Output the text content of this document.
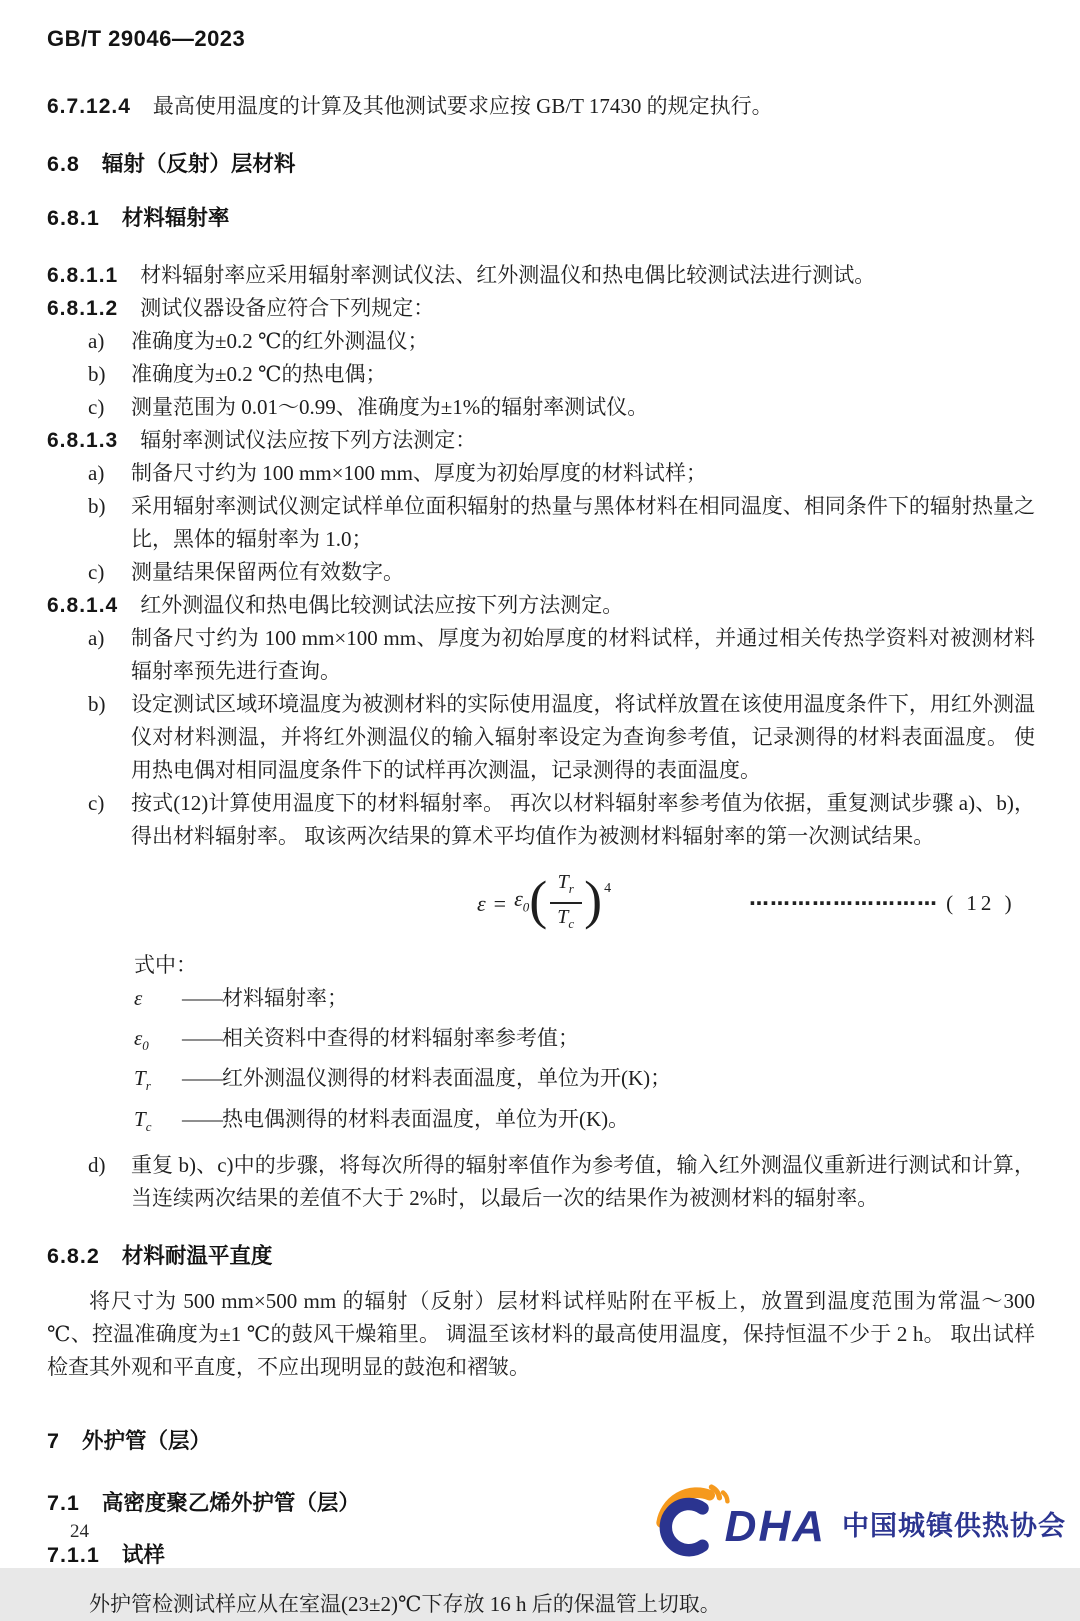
GB/T 29046—2023

6.7.12.4 最高使用温度的计算及其他测试要求应按 GB/T 17430 的规定执行。

6.8 辐射（反射）层材料
6.8.1 材料辐射率

6.8.1.1 材料辐射率应采用辐射率测试仪法、红外测温仪和热电偶比较测试法进行测试。

6.8.1.2 测试仪器设备应符合下列规定：

a)	准确度为±0.2 ℃的红外测温仪；
b)	准确度为±0.2 ℃的热电偶；
c)	测量范围为 0.01～0.99、准确度为±1%的辐射率测试仪。

6.8.1.3 辐射率测试仪法应按下列方法测定：

a)	制备尺寸约为 100 mm×100 mm、厚度为初始厚度的材料试样；
b)	采用辐射率测试仪测定试样单位面积辐射的热量与黑体材料在相同温度、相同条件下的辐射热量之比，黑体的辐射率为 1.0；
c)	测量结果保留两位有效数字。

6.8.1.4 红外测温仪和热电偶比较测试法应按下列方法测定。

a)	制备尺寸约为 100 mm×100 mm、厚度为初始厚度的材料试样，并通过相关传热学资料对被测材料辐射率预先进行查询。
b)	设定测试区域环境温度为被测材料的实际使用温度，将试样放置在该使用温度条件下，用红外测温仪对材料测温，并将红外测温仪的输入辐射率设定为查询参考值，记录测得的材料表面温度。 使用热电偶对相同温度条件下的试样再次测温，记录测得的表面温度。
c)	按式(12)计算使用温度下的材料辐射率。 再次以材料辐射率参考值为依据，重复测试步骤 a)、b)，得出材料辐射率。 取该两次结果的算术平均值作为被测材料辐射率的第一次测试结果。
$\varepsilon = \varepsilon_0$ ( $\frac{T_r}{T_c}$ ) 4
⋯⋯⋯⋯⋯⋯⋯⋯⋯ ( 12 )
式中：
ε	—— 材料辐射率；
$\varepsilon_0$	—— 相关资料中查得的材料辐射率参考值；
$T_r$	—— 红外测温仪测得的材料表面温度，单位为开(K)；
$T_c$	—— 热电偶测得的材料表面温度，单位为开(K)。
d)	重复 b)、c)中的步骤，将每次所得的辐射率值作为参考值，输入红外测温仪重新进行测试和计算，当连续两次结果的差值不大于 2%时，以最后一次的结果作为被测材料的辐射率。
6.8.2 材料耐温平直度

将尺寸为 500 mm×500 mm 的辐射（反射）层材料试样贴附在平板上，放置到温度范围为常温～300 ℃、控温准确度为±1 ℃的鼓风干燥箱里。 调温至该材料的最高使用温度，保持恒温不少于 2 h。 取出试样检查其外观和平直度，不应出现明显的鼓泡和褶皱。

7 外护管（层）
7.1 高密度聚乙烯外护管（层）
7.1.1 试样

外护管检测试样应从在室温(23±2)℃下存放 16 h 后的保温管上切取。

24	DHA 中国城镇供热协会
